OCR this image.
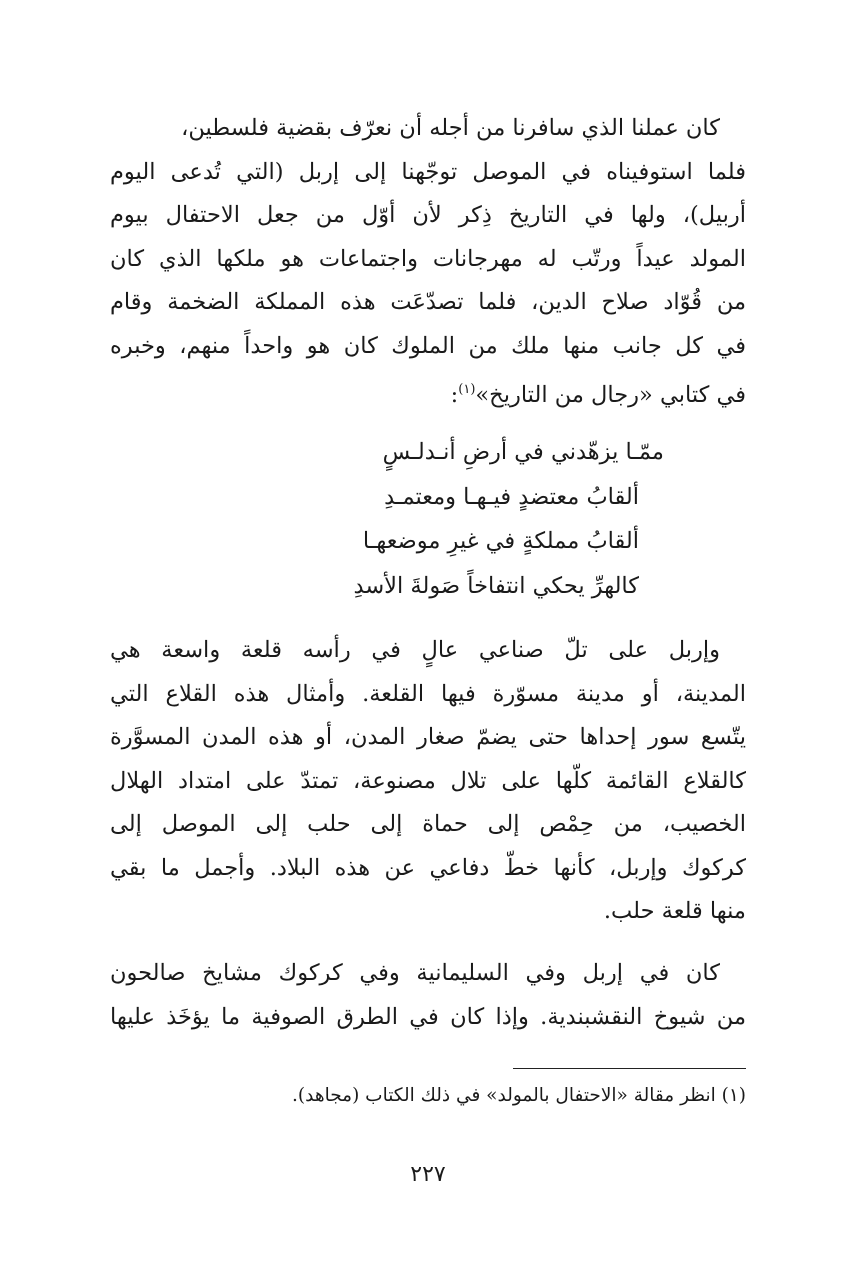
كان عملنا الذي سافرنا من أجله أن نعرّف بقضية فلسطين،
فلما استوفيناه في الموصل توجّهنا إلى إربل (التي تُدعى اليوم
أربيل)، ولها في التاريخ ذِكر لأن أوّل من جعل الاحتفال بيوم
المولد عيداً ورتّب له مهرجانات واجتماعات هو ملكها الذي كان
من قُوّاد صلاح الدين، فلما تصدّعَت هذه المملكة الضخمة وقام
في كل جانب منها ملك من الملوك كان هو واحداً منهم، وخبره
في كتابي «رجال من التاريخ»$^{(١)}$:
ممّـا يزهّدني في أرضِ أنـدلـسٍ
ألقابُ معتضدٍ فيـهـا ومعتمـدِ
ألقابُ مملكةٍ في غيرِ موضعهـا
كالهرِّ يحكي انتفاخاً صَولةَ الأسدِ
وإربل على تلّ صناعي عالٍ في رأسه قلعة واسعة هي
المدينة، أو مدينة مسوّرة فيها القلعة. وأمثال هذه القلاع التي
يتّسع سور إحداها حتى يضمّ صغار المدن، أو هذه المدن المسوَّرة
كالقلاع القائمة كلّها على تلال مصنوعة، تمتدّ على امتداد الهلال
الخصيب، من حِمْص إلى حماة إلى حلب إلى الموصل إلى
كركوك وإربل، كأنها خطّ دفاعي عن هذه البلاد. وأجمل ما بقي
منها قلعة حلب.
كان في إربل وفي السليمانية وفي كركوك مشايخ صالحون
من شيوخ النقشبندية. وإذا كان في الطرق الصوفية ما يؤخَذ عليها
(١) انظر مقالة «الاحتفال بالمولد» في ذلك الكتاب (مجاهد).
٢٢٧
